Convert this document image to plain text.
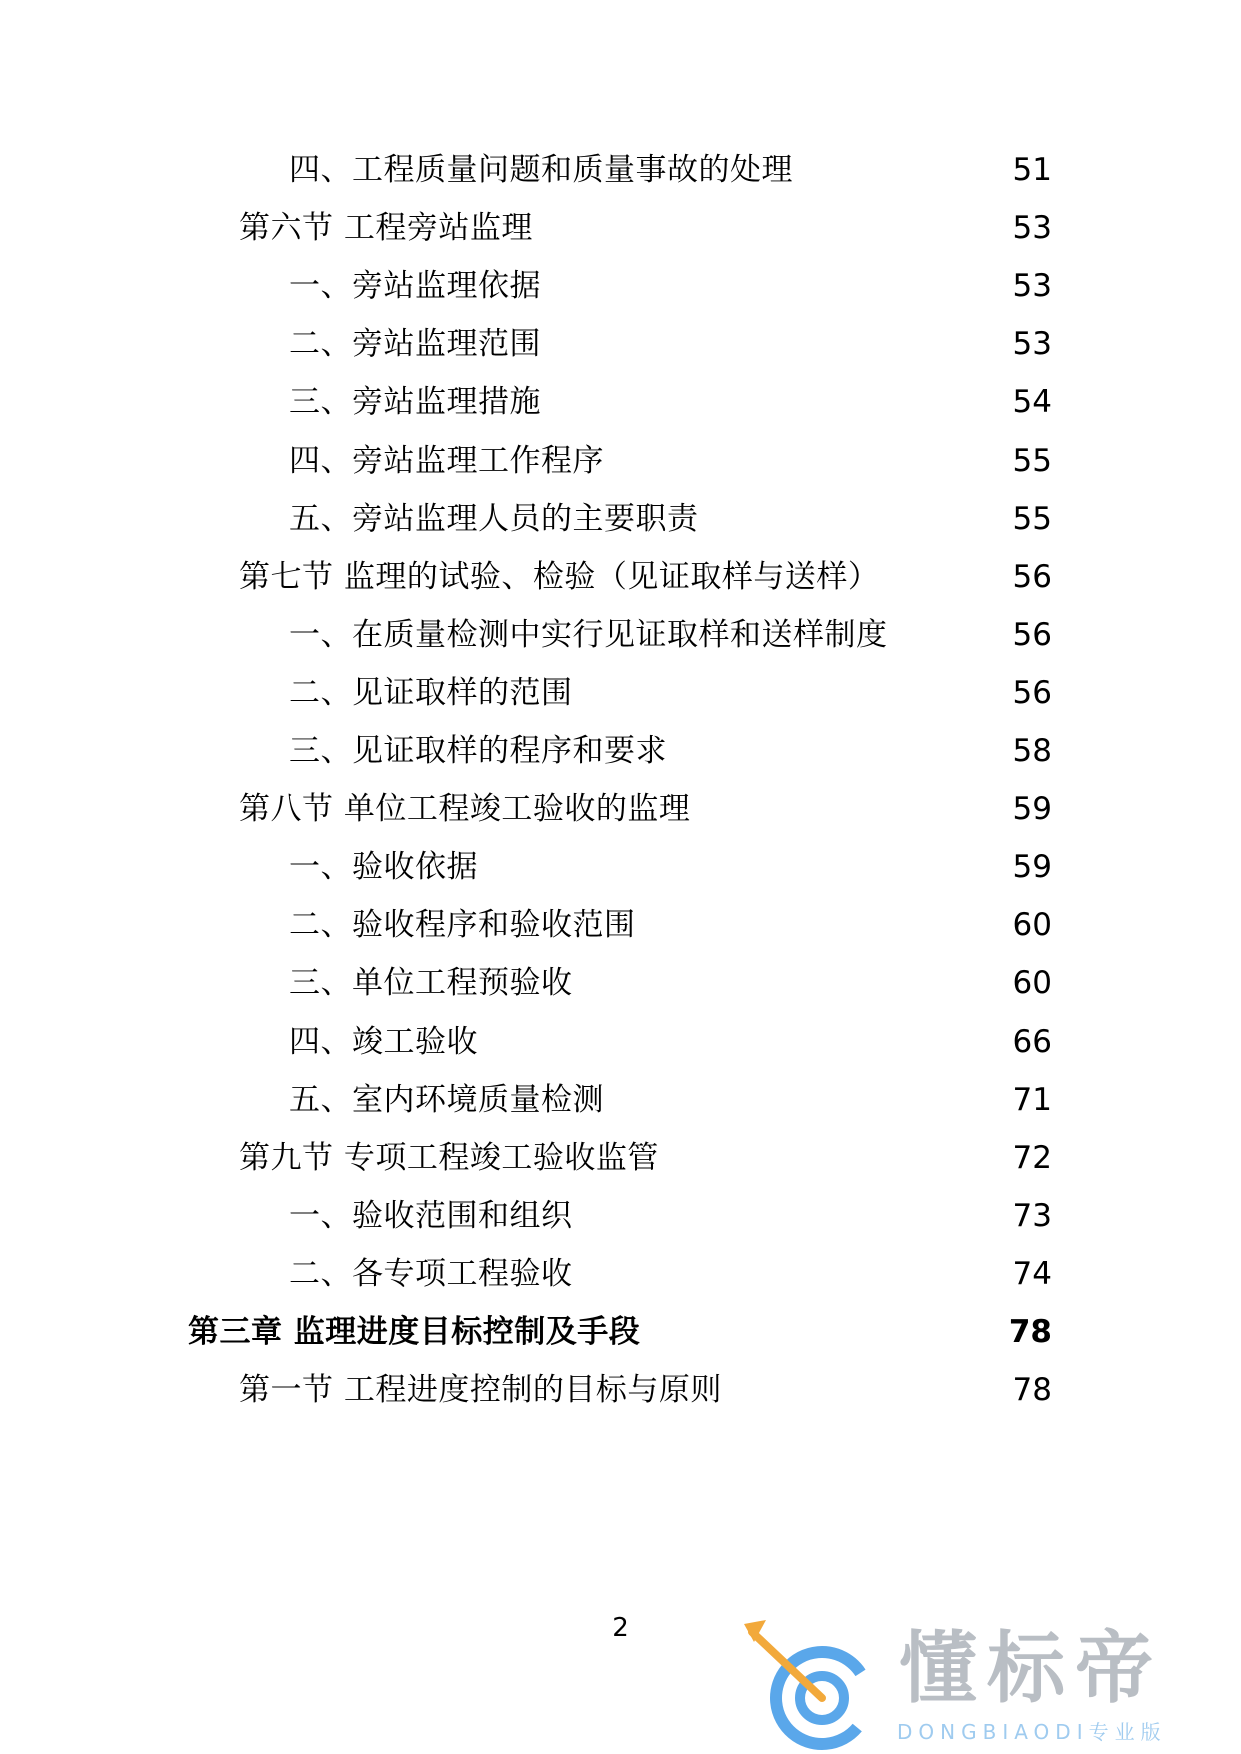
四、工程质量问题和质量事故的处理	51
第六节 工程旁站监理	53
一、旁站监理依据	53
二、旁站监理范围	53
三、旁站监理措施	54
四、旁站监理工作程序	55
五、旁站监理人员的主要职责	55
第七节 监理的试验、检验（见证取样与送样）	56
一、在质量检测中实行见证取样和送样制度	56
二、见证取样的范围	56
三、见证取样的程序和要求	58
第八节 单位工程竣工验收的监理	59
一、验收依据	59
二、验收程序和验收范围	60
三、单位工程预验收	60
四、竣工验收	66
五、室内环境质量检测	71
第九节 专项工程竣工验收监管	72
一、验收范围和组织	73
二、各专项工程验收	74
第三章 监理进度目标控制及手段	78
第一节 工程进度控制的目标与原则	78
2	懂标帝
DONGBIAODI专业版
